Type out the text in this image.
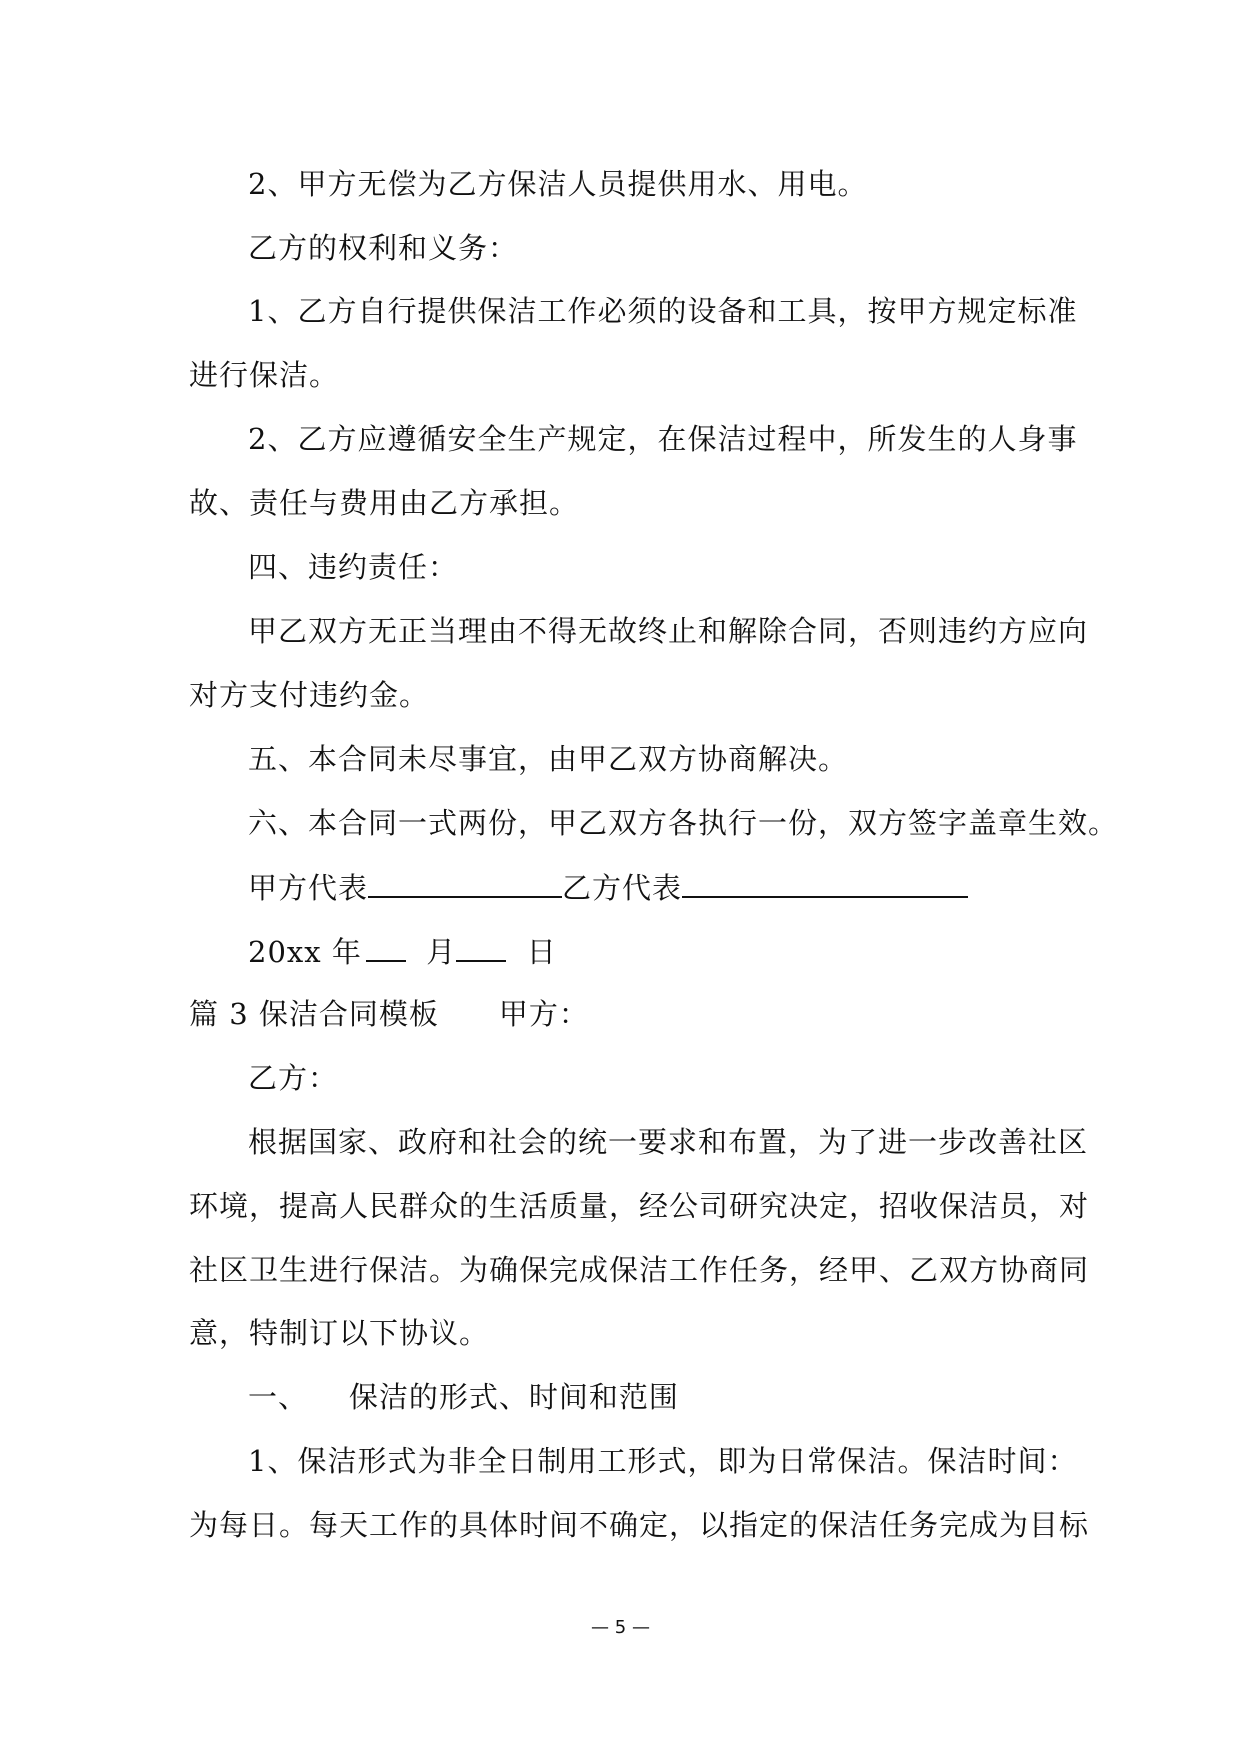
2、甲方无偿为乙方保洁人员提供用水、用电。
乙方的权利和义务：
1、乙方自行提供保洁工作必须的设备和工具，按甲方规定标准
进行保洁。
2、乙方应遵循安全生产规定，在保洁过程中，所发生的人身事
故、责任与费用由乙方承担。
四、违约责任：
甲乙双方无正当理由不得无故终止和解除合同，否则违约方应向
对方支付违约金。
五、本合同未尽事宜，由甲乙双方协商解决。
六、本合同一式两份，甲乙双方各执行一份，双方签字盖章生效。
甲方代表	乙方代表
20xx 年 月 日
篇 3 保洁合同模板 甲方：
乙方：
根据国家、政府和社会的统一要求和布置，为了进一步改善社区
环境，提高人民群众的生活质量，经公司研究决定，招收保洁员，对
社区卫生进行保洁。为确保完成保洁工作任务，经甲、乙双方协商同
意，特制订以下协议。
一、    保洁的形式、时间和范围
1、保洁形式为非全日制用工形式，即为日常保洁。保洁时间：
为每日。每天工作的具体时间不确定，以指定的保洁任务完成为目标
— 5 —
